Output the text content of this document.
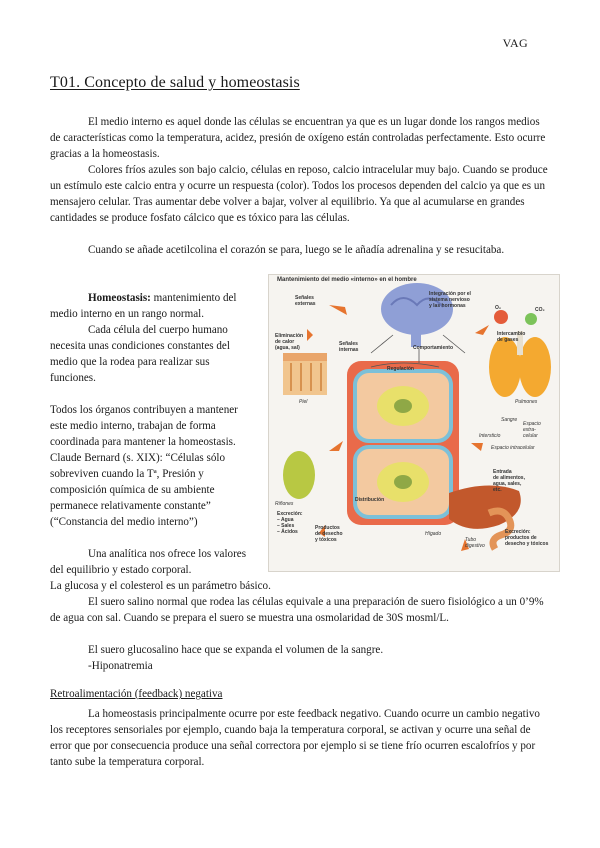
VAG
T01. Concepto de salud y homeostasis

El medio interno es aquel donde las células se encuentran ya que es un lugar donde los rangos medios de características como la temperatura, acidez, presión de oxígeno están controladas perfectamente. Esto ocurre gracias a la homeostasis.

Colores fríos azules son bajo calcio, células en reposo, calcio intracelular muy bajo. Cuando se produce un estímulo este calcio entra y ocurre un respuesta (color). Todos los procesos dependen del calcio ya que es un mensajero celular. Tras aumentar debe volver a bajar, volver al equilibrio. Ya que al acumularse en grandes cantidades se produce fosfato cálcico que es tóxico para las células.

Cuando se añade acetilcolina el corazón se para, luego se le añadía adrenalina y se resucitaba.

Homeostasis: mantenimiento del medio interno en un rango normal.

Cada célula del cuerpo humano necesita unas condiciones constantes del medio que la rodea para realizar sus funciones.

Todos los órganos contribuyen a mantener este medio interno, trabajan de forma coordinada para mantener la homeostasis. Claude Bernard (s. XIX): “Células sólo sobreviven cuando la Tª, Presión y composición química de su ambiente permanece relativamente constante” (“Constancia del medio interno”)

Una analítica nos ofrece los valores del equilibrio y estado corporal.

La glucosa y el colesterol es un parámetro básico.

El suero salino normal que rodea las células equivale a una preparación de suero fisiológico a un 0’9% de agua con sal. Cuando se prepara el suero se muestra una osmolaridad de 30S mosml/L.

El suero glucosalino hace que se expanda el volumen de la sangre.

-Hiponatremia

Retroalimentación (feedback) negativa

La homeostasis principalmente ocurre por este feedback negativo. Cuando ocurre un cambio negativo los receptores sensoriales por ejemplo, cuando baja la temperatura corporal, se activan y ocurre una señal de error que por consecuencia produce una señal correctora por ejemplo si se tiene frío ocurren escalofríos y por tanto sube la temperatura corporal.

Mantenimiento del medio «interno» en el hombre
Señales
externas
Integración por el
sistema nervioso
y las hormonas
Intercambio
de gases
O₂	CO₂
Eliminación
de calor
(agua, sal)
Señales
internas	Comportamiento
Regulación
Piel	Pulmones
Sangre
Intersticio
Espacio
extra-
celular
Espacio intracelular
Riñones
Excreción:
– Agua
– Sales
– Ácidos
Productos
de desecho
y tóxicos
Distribución
Entrada
de alimentos,
agua, sales,
etc.
Hígado
Tubo
digestivo
Excreción:
productos de
desecho y tóxicos
